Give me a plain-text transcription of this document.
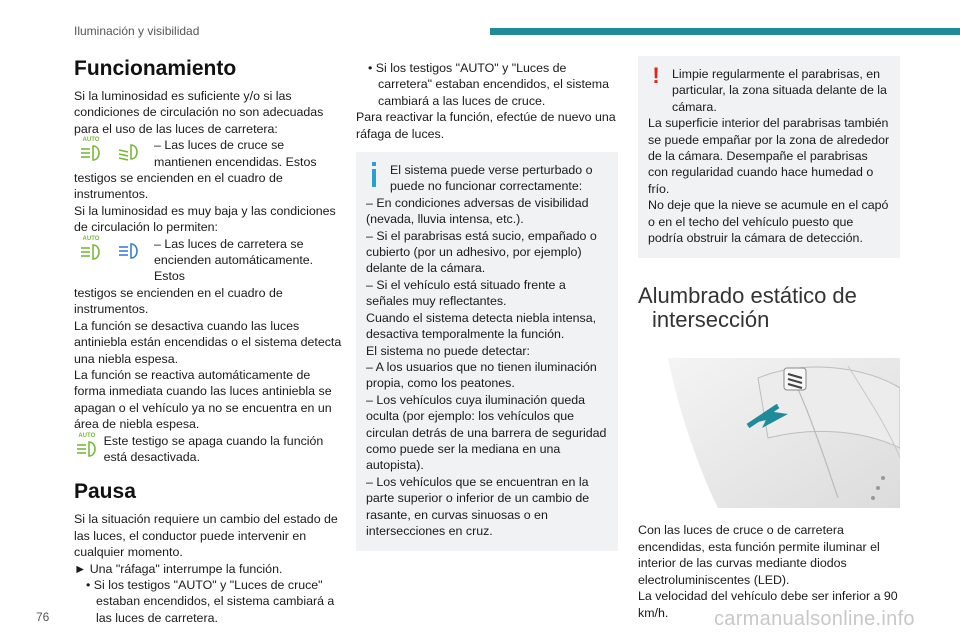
Iluminación y visibilidad
Funcionamiento

Si la luminosidad es suficiente y/o si las condiciones de circulación no son adecuadas para el uso de las luces de carretera:

AUTO	– Las luces de cruce se mantienen encendidas. Estos

testigos se encienden en el cuadro de instrumentos.

Si la luminosidad es muy baja y las condiciones de circulación lo permiten:

AUTO	– Las luces de carretera se encienden automáticamente. Estos

testigos se encienden en el cuadro de instrumentos.

La función se desactiva cuando las luces antiniebla están encendidas o el sistema detecta una niebla espesa.

La función se reactiva automáticamente de forma inmediata cuando las luces antiniebla se apagan o el vehículo ya no se encuentra en un área de niebla espesa.

AUTO Este testigo se apaga cuando la función está desactivada.

Pausa

Si la situación requiere un cambio del estado de las luces, el conductor puede intervenir en cualquier momento.

► Una "ráfaga" interrumpe la función.

• Si los testigos "AUTO" y "Luces de cruce" estaban encendidos, el sistema cambiará a las luces de carretera.

• Si los testigos "AUTO" y "Luces de carretera" estaban encendidos, el sistema cambiará a las luces de cruce.

Para reactivar la función, efectúe de nuevo una ráfaga de luces.

El sistema puede verse perturbado o puede no funcionar correctamente:

– En condiciones adversas de visibilidad (nevada, lluvia intensa, etc.).

– Si el parabrisas está sucio, empañado o cubierto (por un adhesivo, por ejemplo) delante de la cámara.

– Si el vehículo está situado frente a señales muy reflectantes.

Cuando el sistema detecta niebla intensa, desactiva temporalmente la función.

El sistema no puede detectar:

– A los usuarios que no tienen iluminación propia, como los peatones.

– Los vehículos cuya iluminación queda oculta (por ejemplo: los vehículos que circulan detrás de una barrera de seguridad como puede ser la mediana en una autopista).

– Los vehículos que se encuentran en la parte superior o inferior de un cambio de rasante, en curvas sinuosas o en intersecciones en cruz.

! Limpie regularmente el parabrisas, en particular, la zona situada delante de la cámara.

La superficie interior del parabrisas también se puede empañar por la zona de alrededor de la cámara. Desempañe el parabrisas con regularidad cuando hace humedad o frío.

No deje que la nieve se acumule en el capó o en el techo del vehículo puesto que podría obstruir la cámara de detección.

Alumbrado estático de
intersección

Con las luces de cruce o de carretera encendidas, esta función permite iluminar el interior de las curvas mediante diodos electroluminiscentes (LED).

La velocidad del vehículo debe ser inferior a 90 km/h.

76	carmanualsonline.info
